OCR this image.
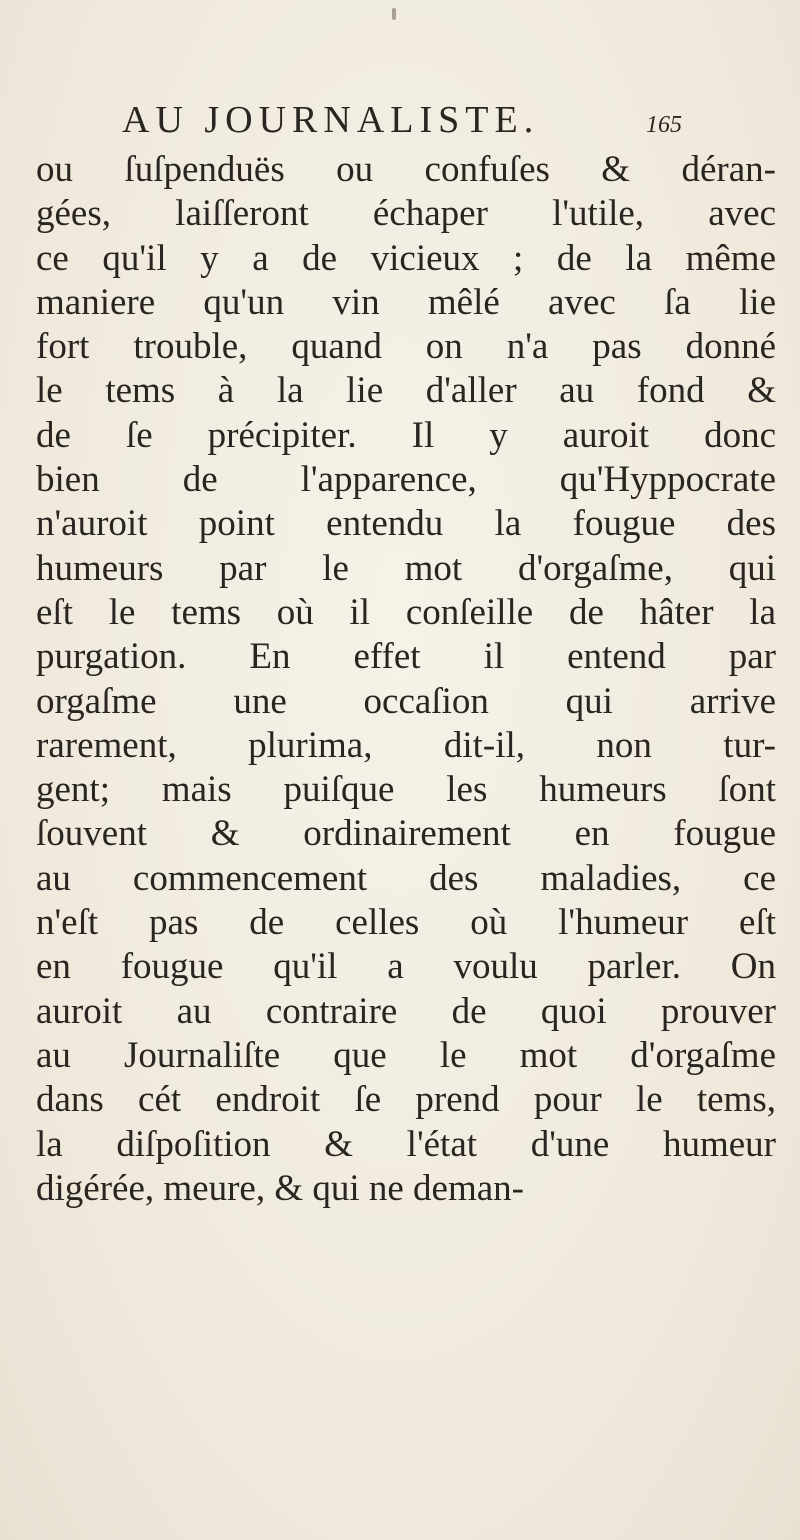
AU JOURNALISTE.	165
ou ſuſpenduës ou confuſes & déran-
gées, laiſſeront échaper l'utile, avec
ce qu'il y a de vicieux ; de la même
maniere qu'un vin mêlé avec ſa lie
fort trouble, quand on n'a pas donné
le tems à la lie d'aller au fond &
de ſe précipiter. Il y auroit donc
bien de l'apparence, qu'Hyppocrate
n'auroit point entendu la fougue des
humeurs par le mot d'orgaſme, qui
eſt le tems où il conſeille de hâter la
purgation. En effet il entend par
orgaſme une occaſion qui arrive
rarement, plurima, dit-il, non tur-
gent; mais puiſque les humeurs ſont
ſouvent & ordinairement en fougue
au commencement des maladies, ce
n'eſt pas de celles où l'humeur eſt
en fougue qu'il a voulu parler. On
auroit au contraire de quoi prouver
au Journaliſte que le mot d'orgaſme
dans cét endroit ſe prend pour le tems,
la diſpoſition & l'état d'une humeur
digérée, meure, & qui ne deman-
